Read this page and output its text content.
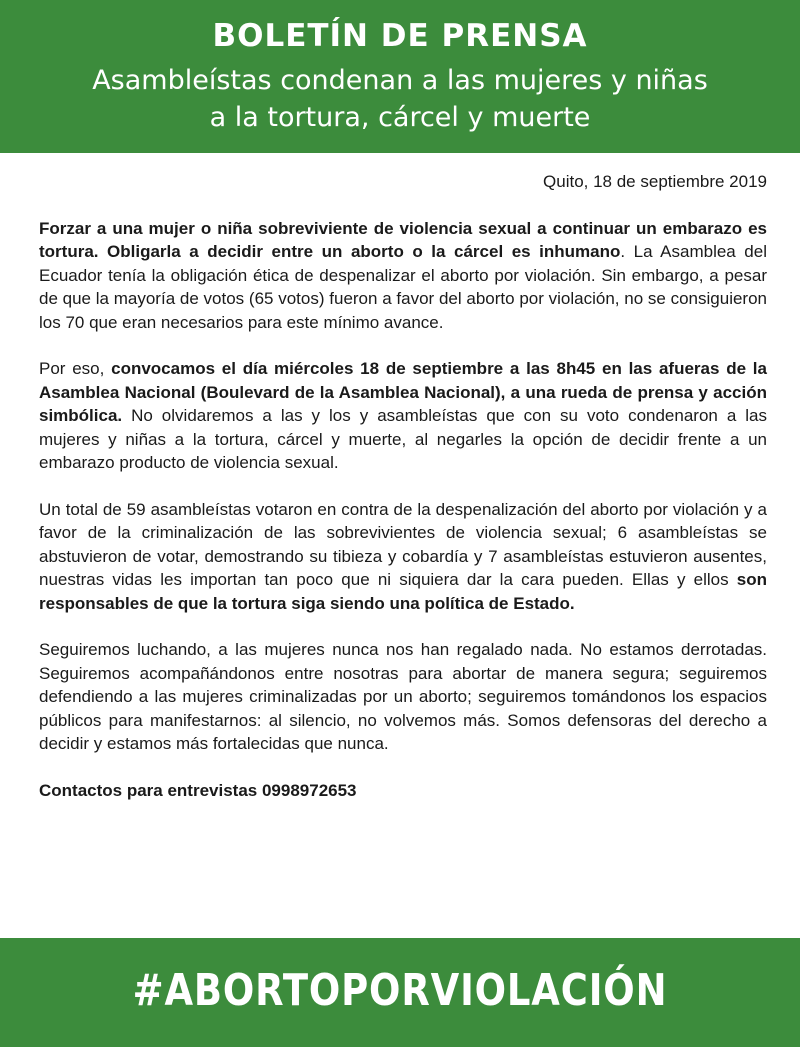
BOLETÍN DE PRENSA
Asambleístas condenan a las mujeres y niñas
a la tortura, cárcel y muerte

Quito, 18 de septiembre 2019

Forzar a una mujer o niña sobreviviente de violencia sexual a continuar un embarazo es tortura. Obligarla a decidir entre un aborto o la cárcel es inhumano. La Asamblea del Ecuador tenía la obligación ética de despenalizar el aborto por violación. Sin embargo, a pesar de que la mayoría de votos (65 votos) fueron a favor del aborto por violación, no se consiguieron los 70 que eran necesarios para este mínimo avance.

Por eso, convocamos el día miércoles 18 de septiembre a las 8h45 en las afueras de la Asamblea Nacional (Boulevard de la Asamblea Nacional), a una rueda de prensa y acción simbólica. No olvidaremos a las y los y asambleístas que con su voto condenaron a las mujeres y niñas a la tortura, cárcel y muerte, al negarles la opción de decidir frente a un embarazo producto de violencia sexual.

Un total de 59 asambleístas votaron en contra de la despenalización del aborto por violación y a favor de la criminalización de las sobrevivientes de violencia sexual; 6 asambleístas se abstuvieron de votar, demostrando su tibieza y cobardía y 7 asambleístas estuvieron ausentes, nuestras vidas les importan tan poco que ni siquiera dar la cara pueden. Ellas y ellos son responsables de que la tortura siga siendo una política de Estado.

Seguiremos luchando, a las mujeres nunca nos han regalado nada. No estamos derrotadas. Seguiremos acompañándonos entre nosotras para abortar de manera segura; seguiremos defendiendo a las mujeres criminalizadas por un aborto; seguiremos tomándonos los espacios públicos para manifestarnos: al silencio, no volvemos más. Somos defensoras del derecho a decidir y estamos más fortalecidas que nunca.

Contactos para entrevistas 0998972653

#ABORTOPORVIOLACIÓN
